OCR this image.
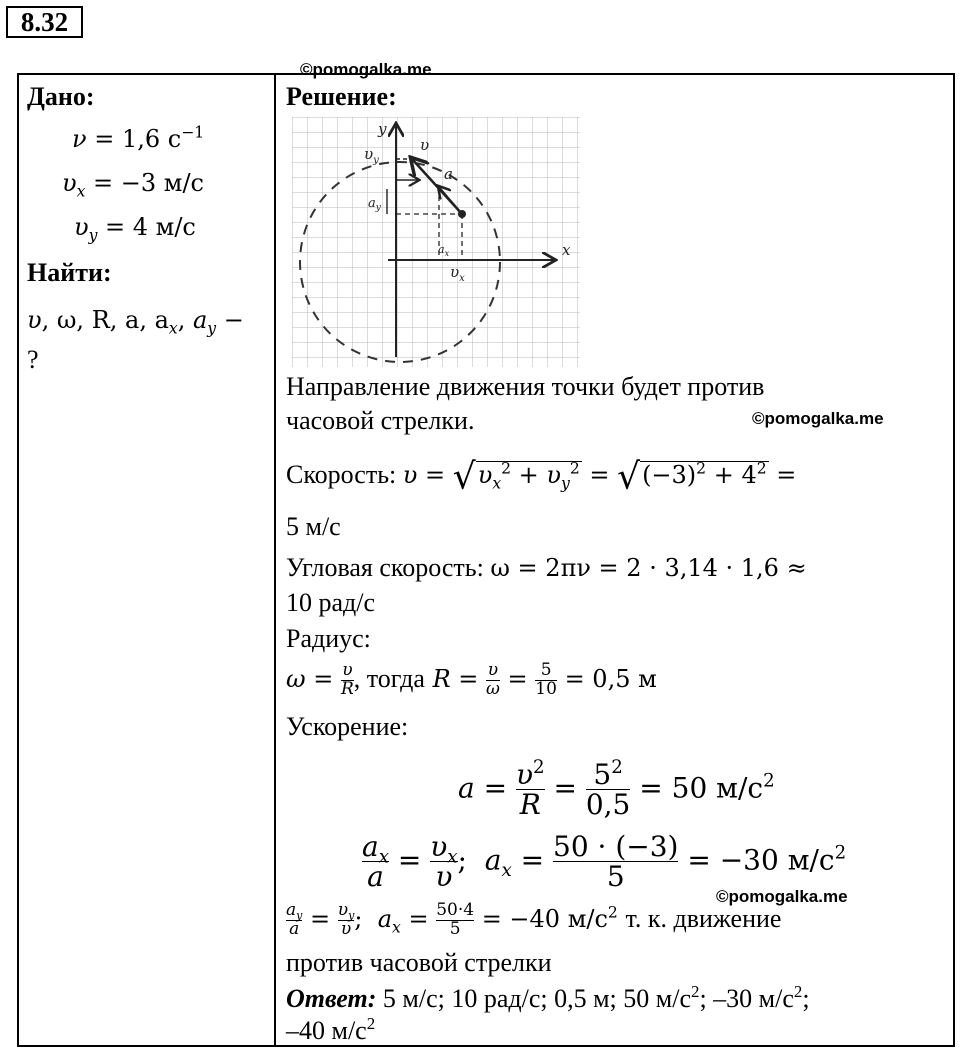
8.32
©pomogalka.me
Дано:
ν = 1,6 $с^{-1}$
$\upsilon_x = -3$ м/с
$\upsilon_y = 4$ м/с
Найти:
υ, ω, R, a, $a_x$, $a_y$ −
?
Решение:
y
x
$\upsilon_y$
υ
a
$a_y$
$a_x$
$\upsilon_x$
Направление движения точки будет против
часовой стрелки.	©pomogalka.me
Скорость: $\upsilon = √\upsilon_x^2 + \upsilon_y^2 = √(-3)^2 + 4^2$ =
5 м/с
Угловая скорость: ω = 2πν = 2 · 3,14 · 1,6 ≈
10 рад/с
Радиус:
$\omega = \frac{\upsilon}{R}$ , тогда $R = \frac{\upsilon}{\omega} = \frac{5}{10} = 0,5$ м
Ускорение:
$a = \frac{\upsilon^2}{R} = \frac{5^2}{0,5} = 50$ $м/с^2$
$\frac{a_x}{a} = \frac{\upsilon_x}{\upsilon}$ ;  $a_x = \frac{50 \cdot (-3)}{5} = -30$ $м/с^2$
©pomogalka.me
$\frac{a_y}{a} = \frac{\upsilon_y}{\upsilon}$ ;  $a_x = \frac{50\cdot 4}{5} = -40$ $м/с^2$ т. к. движение
против часовой стрелки
Ответ: 5 м/с; 10 рад/с; 0,5 м; 50 $м/с^2$; –30 $м/с^2$;
–40 $м/с^2$
